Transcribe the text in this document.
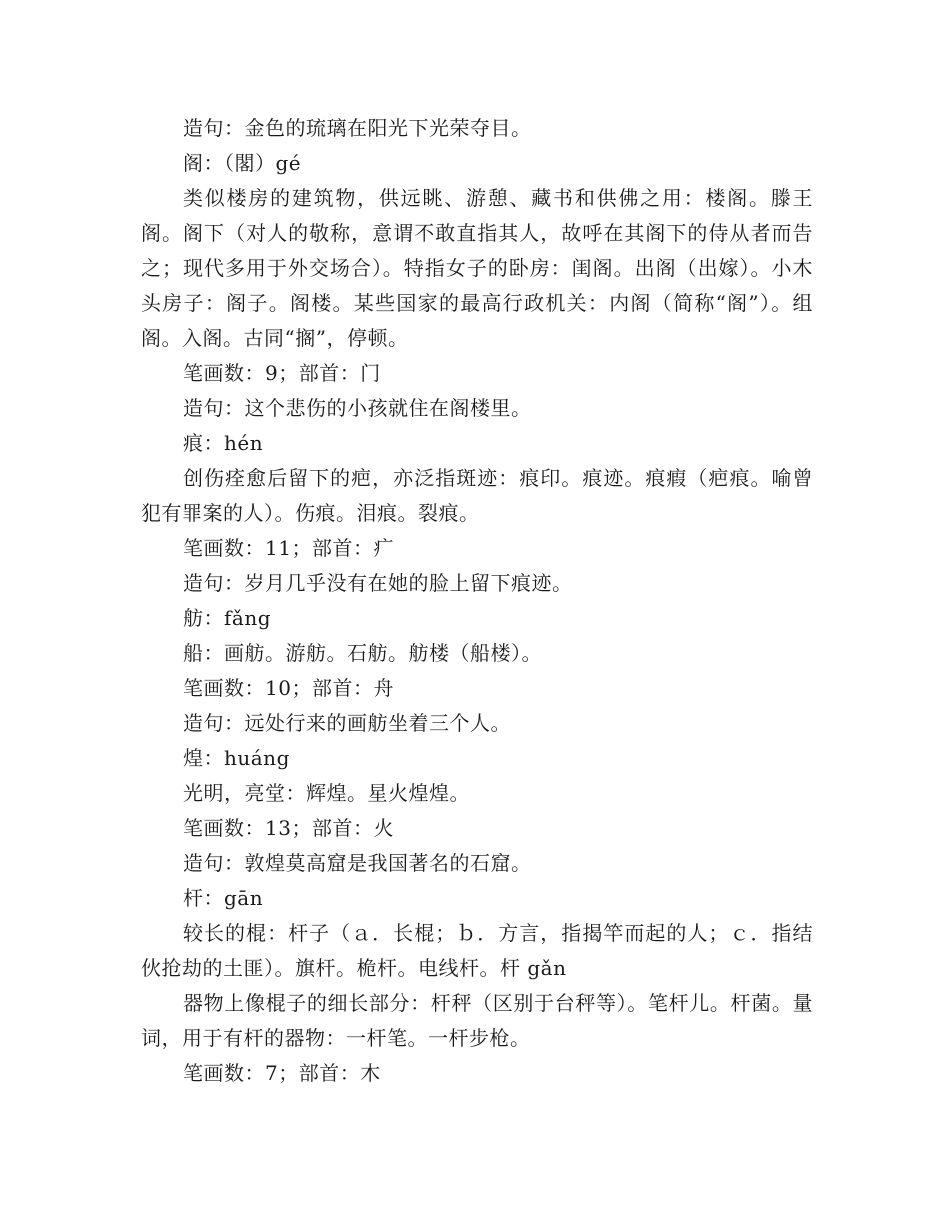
造句：金色的琉璃在阳光下光荣夺目。

阁：（閣）gé

类似楼房的建筑物，供远眺、游憩、藏书和供佛之用：楼阁。滕王阁。阁下（对人的敬称，意谓不敢直指其人，故呼在其阁下的侍从者而告之；现代多用于外交场合）。特指女子的卧房：闺阁。出阁（出嫁）。小木头房子：阁子。阁楼。某些国家的最高行政机关：内阁（简称“阁”）。组阁。入阁。古同“搁”，停顿。

笔画数：9；部首：门

造句：这个悲伤的小孩就住在阁楼里。

痕：hén

创伤痊愈后留下的疤，亦泛指斑迹：痕印。痕迹。痕瘕（疤痕。喻曾犯有罪案的人）。伤痕。泪痕。裂痕。

笔画数：11；部首：疒

造句：岁月几乎没有在她的脸上留下痕迹。

舫：fǎng

船：画舫。游舫。石舫。舫楼（船楼）。

笔画数：10；部首：舟

造句：远处行来的画舫坐着三个人。

煌：huáng

光明，亮堂：辉煌。星火煌煌。

笔画数：13；部首：火

造句：敦煌莫高窟是我国著名的石窟。

杆：gān

较长的棍：杆子（ａ．长棍；ｂ．方言，指揭竿而起的人；ｃ．指结伙抢劫的土匪）。旗杆。桅杆。电线杆。杆 gǎn

器物上像棍子的细长部分：杆秤（区别于台秤等）。笔杆儿。杆菌。量词，用于有杆的器物：一杆笔。一杆步枪。

笔画数：7；部首：木
